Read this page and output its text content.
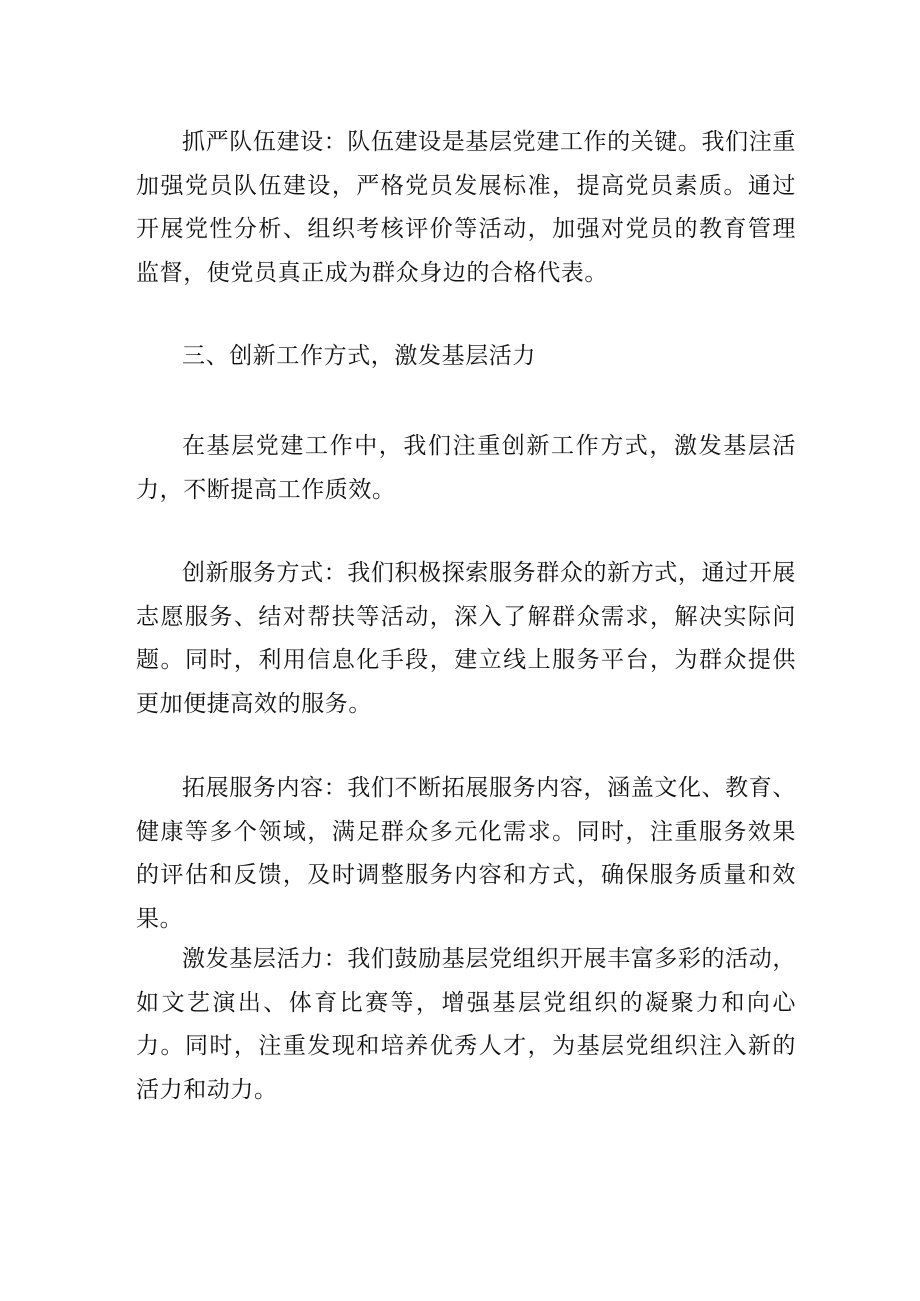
抓严队伍建设：队伍建设是基层党建工作的关键。我们注重加强党员队伍建设，严格党员发展标准，提高党员素质。通过开展党性分析、组织考核评价等活动，加强对党员的教育管理监督，使党员真正成为群众身边的合格代表。

三、创新工作方式，激发基层活力

在基层党建工作中，我们注重创新工作方式，激发基层活力，不断提高工作质效。

创新服务方式：我们积极探索服务群众的新方式，通过开展志愿服务、结对帮扶等活动，深入了解群众需求，解决实际问题。同时，利用信息化手段，建立线上服务平台，为群众提供更加便捷高效的服务。

拓展服务内容：我们不断拓展服务内容，涵盖文化、教育、健康等多个领域，满足群众多元化需求。同时，注重服务效果的评估和反馈，及时调整服务内容和方式，确保服务质量和效果。

激发基层活力：我们鼓励基层党组织开展丰富多彩的活动，如文艺演出、体育比赛等，增强基层党组织的凝聚力和向心力。同时，注重发现和培养优秀人才，为基层党组织注入新的活力和动力。
